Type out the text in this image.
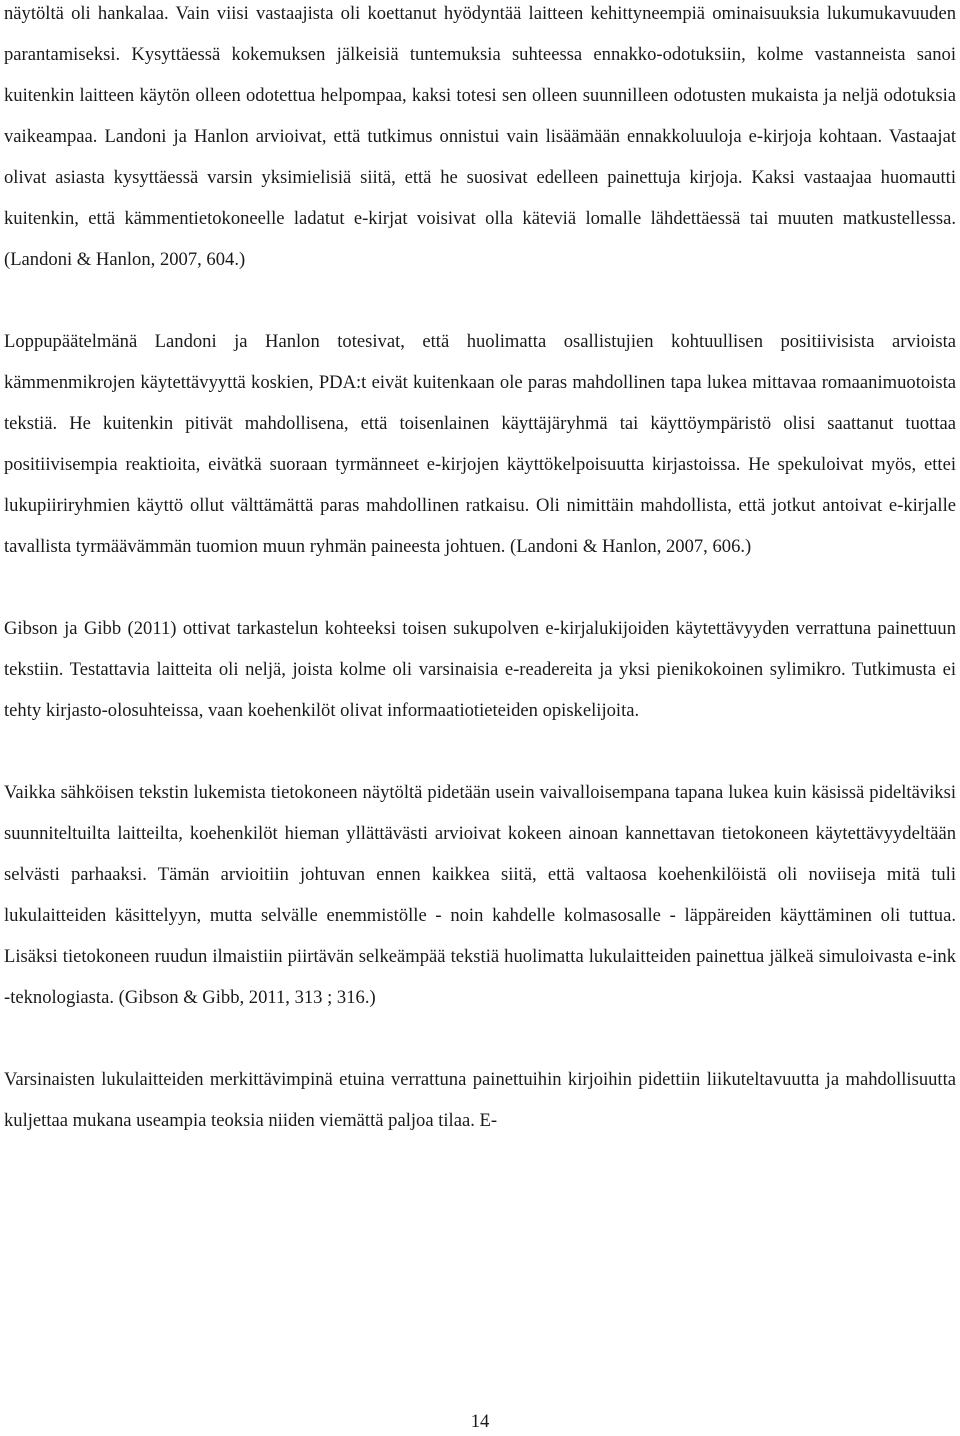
näytöltä oli hankalaa. Vain viisi vastaajista oli koettanut hyödyntää laitteen kehittyneempiä ominaisuuksia lukumukavuuden parantamiseksi. Kysyttäessä kokemuksen jälkeisiä tuntemuksia suhteessa ennakko-odotuksiin, kolme vastanneista sanoi kuitenkin laitteen käytön olleen odotettua helpompaa, kaksi totesi sen olleen suunnilleen odotusten mukaista ja neljä odotuksia vaikeampaa. Landoni ja Hanlon arvioivat, että tutkimus onnistui vain lisäämään ennakkoluuloja e-kirjoja kohtaan. Vastaajat olivat asiasta kysyttäessä varsin yksimielisiä siitä, että he suosivat edelleen painettuja kirjoja. Kaksi vastaajaa huomautti kuitenkin, että kämmentietokoneelle ladatut e-kirjat voisivat olla käteviä lomalle lähdettäessä tai muuten matkustellessa. (Landoni & Hanlon, 2007, 604.)

Loppupäätelmänä Landoni ja Hanlon totesivat, että huolimatta osallistujien kohtuullisen positiivisista arvioista kämmenmikrojen käytettävyyttä koskien, PDA:t eivät kuitenkaan ole paras mahdollinen tapa lukea mittavaa romaanimuotoista tekstiä. He kuitenkin pitivät mahdollisena, että toisenlainen käyttäjäryhmä tai käyttöympäristö olisi saattanut tuottaa positiivisempia reaktioita, eivätkä suoraan tyrmänneet e-kirjojen käyttökelpoisuutta kirjastoissa. He spekuloivat myös, ettei lukupiiriryhmien käyttö ollut välttämättä paras mahdollinen ratkaisu. Oli nimittäin mahdollista, että jotkut antoivat e-kirjalle tavallista tyrmäävämmän tuomion muun ryhmän paineesta johtuen. (Landoni & Hanlon, 2007, 606.)

Gibson ja Gibb (2011) ottivat tarkastelun kohteeksi toisen sukupolven e-kirjalukijoiden käytettävyyden verrattuna painettuun tekstiin. Testattavia laitteita oli neljä, joista kolme oli varsinaisia e-readereita ja yksi pienikokoinen sylimikro. Tutkimusta ei tehty kirjasto-olosuhteissa, vaan koehenkilöt olivat informaatiotieteiden opiskelijoita.

Vaikka sähköisen tekstin lukemista tietokoneen näytöltä pidetään usein vaivalloisempana tapana lukea kuin käsissä pideltäviksi suunniteltuilta laitteilta, koehenkilöt hieman yllättävästi arvioivat kokeen ainoan kannettavan tietokoneen käytettävyydeltään selvästi parhaaksi. Tämän arvioitiin johtuvan ennen kaikkea siitä, että valtaosa koehenkilöistä oli noviiseja mitä tuli lukulaitteiden käsittelyyn, mutta selvälle enemmistölle - noin kahdelle kolmasosalle - läppäreiden käyttäminen oli tuttua. Lisäksi tietokoneen ruudun ilmaistiin piirtävän selkeämpää tekstiä huolimatta lukulaitteiden painettua jälkeä simuloivasta e-ink -teknologiasta. (Gibson & Gibb, 2011, 313 ; 316.)

Varsinaisten lukulaitteiden merkittävimpinä etuina verrattuna painettuihin kirjoihin pidettiin liikuteltavuutta ja mahdollisuutta kuljettaa mukana useampia teoksia niiden viemättä paljoa tilaa. E-

14
